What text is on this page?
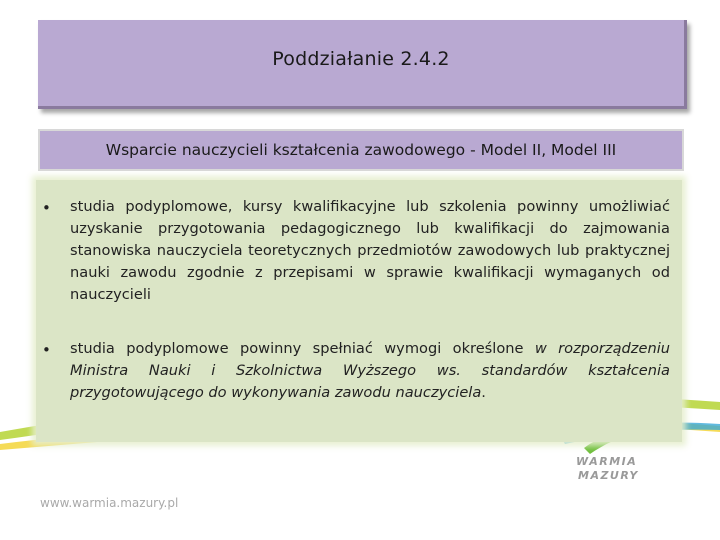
Poddziałanie 2.4.2
Wsparcie nauczycieli kształcenia zawodowego - Model II, Model III
• studia podyplomowe, kursy kwalifikacyjne lub szkolenia powinny umożliwiać uzyskanie przygotowania pedagogicznego lub kwalifikacji do zajmowania stanowiska nauczyciela teoretycznych przedmiotów zawodowych lub praktycznej nauki zawodu zgodnie z przepisami w sprawie kwalifikacji wymaganych od nauczycieli
• studia podyplomowe powinny spełniać wymogi określone w rozporządzeniu Ministra Nauki i Szkolnictwa Wyższego ws. standardów kształcenia przygotowującego do wykonywania zawodu nauczyciela.
WARMIA
MAZURY
www.warmia.mazury.pl
